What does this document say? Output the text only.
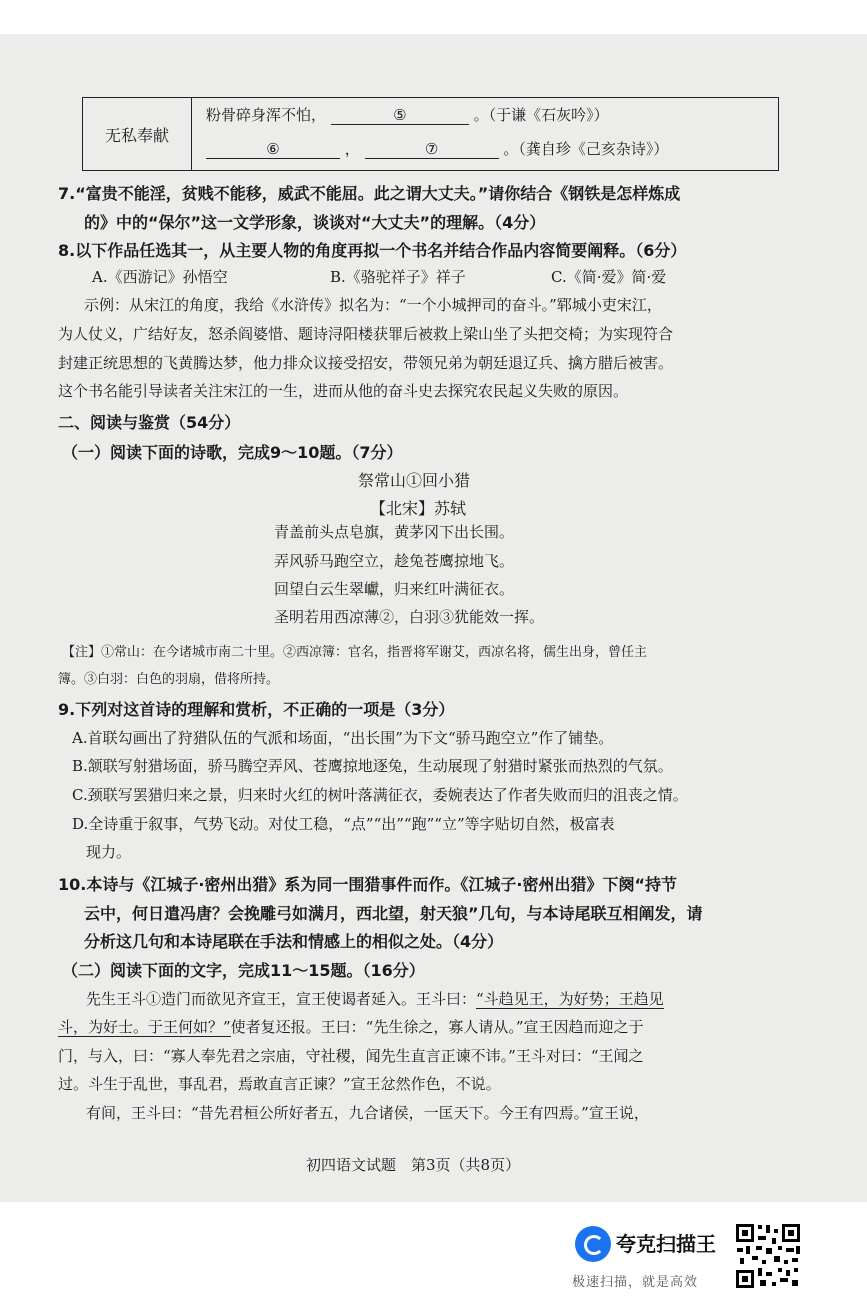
无私奉献	
粉骨碎身浑不怕，	⑤	。（于谦《石灰吟》）
⑥	，	⑦	。（龚自珍《己亥杂诗》）
7.“富贵不能淫，贫贱不能移，威武不能屈。此之谓大丈夫。”请你结合《钢铁是怎样炼成
的》中的“保尔”这一文学形象，谈谈对“大丈夫”的理解。（4分）
8.以下作品任选其一，从主要人物的角度再拟一个书名并结合作品内容简要阐释。（6分）
A.《西游记》孙悟空	B.《骆驼祥子》祥子	C.《简·爱》简·爱
示例：从宋江的角度，我给《水浒传》拟名为：“一个小城押司的奋斗。”郓城小吏宋江，
为人仗义，广结好友，怒杀阎婆惜、题诗浔阳楼获罪后被救上梁山坐了头把交椅；为实现符合
封建正统思想的飞黄腾达梦，他力排众议接受招安，带领兄弟为朝廷退辽兵、擒方腊后被害。
这个书名能引导读者关注宋江的一生，进而从他的奋斗史去探究农民起义失败的原因。
二、阅读与鉴赏（54分）
（一）阅读下面的诗歌，完成9～10题。（7分）
祭常山①回小猎
【北宋】苏轼
青盖前头点皂旗，黄茅冈下出长围。
弄风骄马跑空立，趁兔苍鹰掠地飞。
回望白云生翠巘，归来红叶满征衣。
圣明若用西凉薄②，白羽③犹能效一挥。
【注】①常山：在今诸城市南二十里。②西凉簿：官名，指晋将军谢艾，西凉名将，儒生出身，曾任主
簿。③白羽：白色的羽扇，借将所持。
9.下列对这首诗的理解和赏析，不正确的一项是（3分）
A.首联勾画出了狩猎队伍的气派和场面，“出长围”为下文“骄马跑空立”作了铺垫。
B.颔联写射猎场面，骄马腾空弄风、苍鹰掠地逐兔，生动展现了射猎时紧张而热烈的气氛。
C.颈联写罢猎归来之景，归来时火红的树叶落满征衣，委婉表达了作者失败而归的沮丧之情。
D.全诗重于叙事，气势飞动。对仗工稳，“点”“出”“跑”“立”等字贴切自然，极富表
现力。
10.本诗与《江城子·密州出猎》系为同一围猎事件而作。《江城子·密州出猎》下阕“持节
云中，何日遣冯唐？会挽雕弓如满月，西北望，射天狼”几句，与本诗尾联互相阐发，请
分析这几句和本诗尾联在手法和情感上的相似之处。（4分）
（二）阅读下面的文字，完成11～15题。（16分）
先生王斗①造门而欲见齐宣王，宣王使谒者延入。王斗曰：“斗趋见王，为好势；王趋见
斗，为好士。于王何如？”使者复还报。王曰：“先生徐之，寡人请从。”宣王因趋而迎之于
门，与入，曰：“寡人奉先君之宗庙，守社稷，闻先生直言正谏不讳。”王斗对曰：“王闻之
过。斗生于乱世，事乱君，焉敢直言正谏？”宣王忿然作色，不说。
有间，王斗曰：“昔先君桓公所好者五，九合诸侯，一匡天下。今王有四焉。”宣王说，
初四语文试题　第3页（共8页）
夸克扫描王
极速扫描，就是高效
